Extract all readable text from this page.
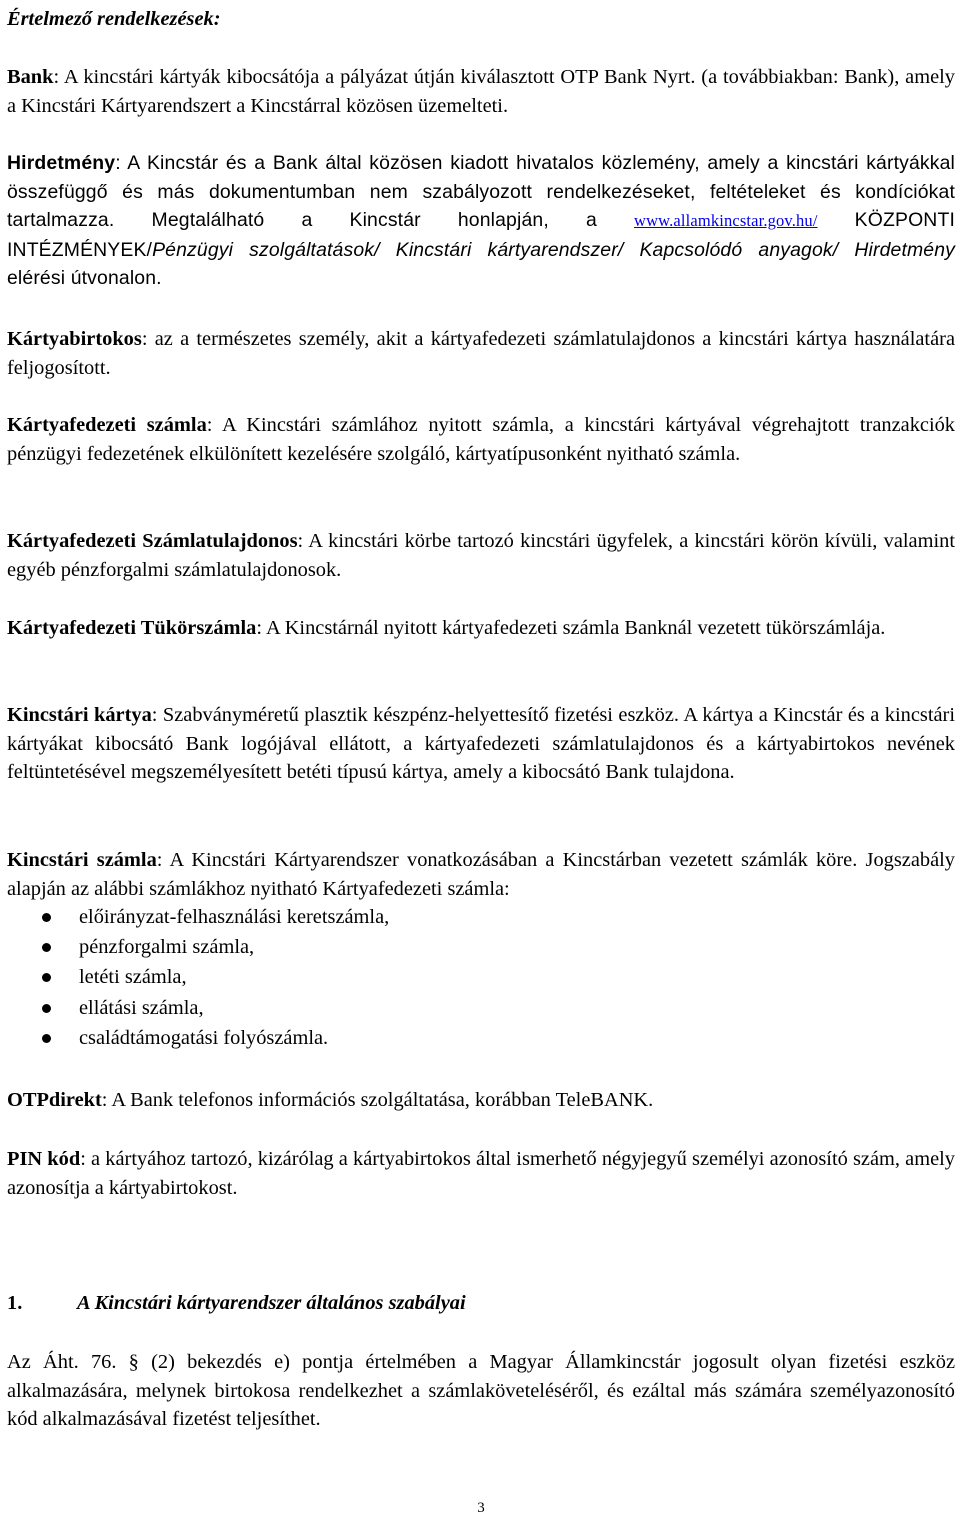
Értelmező rendelkezések:

Bank: A kincstári kártyák kibocsátója a pályázat útján kiválasztott OTP Bank Nyrt. (a továbbiakban: Bank), amely a Kincstári Kártyarendszert a Kincstárral közösen üzemelteti.

Hirdetmény: A Kincstár és a Bank által közösen kiadott hivatalos közlemény, amely a kincstári kártyákkal összefüggő és más dokumentumban nem szabályozott rendelkezéseket, feltételeket és kondíciókat tartalmazza. Megtalálható a Kincstár honlapján, a www.allamkincstar.gov.hu/ KÖZPONTI INTÉZMÉNYEK/Pénzügyi szolgáltatások/ Kincstári kártyarendszer/ Kapcsolódó anyagok/ Hirdetmény elérési útvonalon.

Kártyabirtokos: az a természetes személy, akit a kártyafedezeti számlatulajdonos a kincstári kártya használatára feljogosított.

Kártyafedezeti számla: A Kincstári számlához nyitott számla, a kincstári kártyával végrehajtott tranzakciók pénzügyi fedezetének elkülönített kezelésére szolgáló, kártyatípusonként nyitható számla.

Kártyafedezeti Számlatulajdonos: A kincstári körbe tartozó kincstári ügyfelek, a kincstári körön kívüli, valamint egyéb pénzforgalmi számlatulajdonosok.

Kártyafedezeti Tükörszámla: A Kincstárnál nyitott kártyafedezeti számla Banknál vezetett tükörszámlája.

Kincstári kártya: Szabványméretű plasztik készpénz-helyettesítő fizetési eszköz. A kártya a Kincstár és a kincstári kártyákat kibocsátó Bank logójával ellátott, a kártyafedezeti számlatulajdonos és a kártyabirtokos nevének feltüntetésével megszemélyesített betéti típusú kártya, amely a kibocsátó Bank tulajdona.

Kincstári számla: A Kincstári Kártyarendszer vonatkozásában a Kincstárban vezetett számlák köre. Jogszabály alapján az alábbi számlákhoz nyitható Kártyafedezeti számla:

előirányzat-felhasználási keretszámla,
pénzforgalmi számla,
letéti számla,
ellátási számla,
családtámogatási folyószámla.

OTPdirekt: A Bank telefonos információs szolgáltatása, korábban TeleBANK.

PIN kód: a kártyához tartozó, kizárólag a kártyabirtokos által ismerhető négyjegyű személyi azonosító szám, amely azonosítja a kártyabirtokost.

1.	A Kincstári kártyarendszer általános szabályai

Az Áht. 76. § (2) bekezdés e) pontja értelmében a Magyar Államkincstár jogosult olyan fizetési eszköz alkalmazására, melynek birtokosa rendelkezhet a számlaköveteléséről, és ezáltal más számára személyazonosító kód alkalmazásával fizetést teljesíthet.

3
